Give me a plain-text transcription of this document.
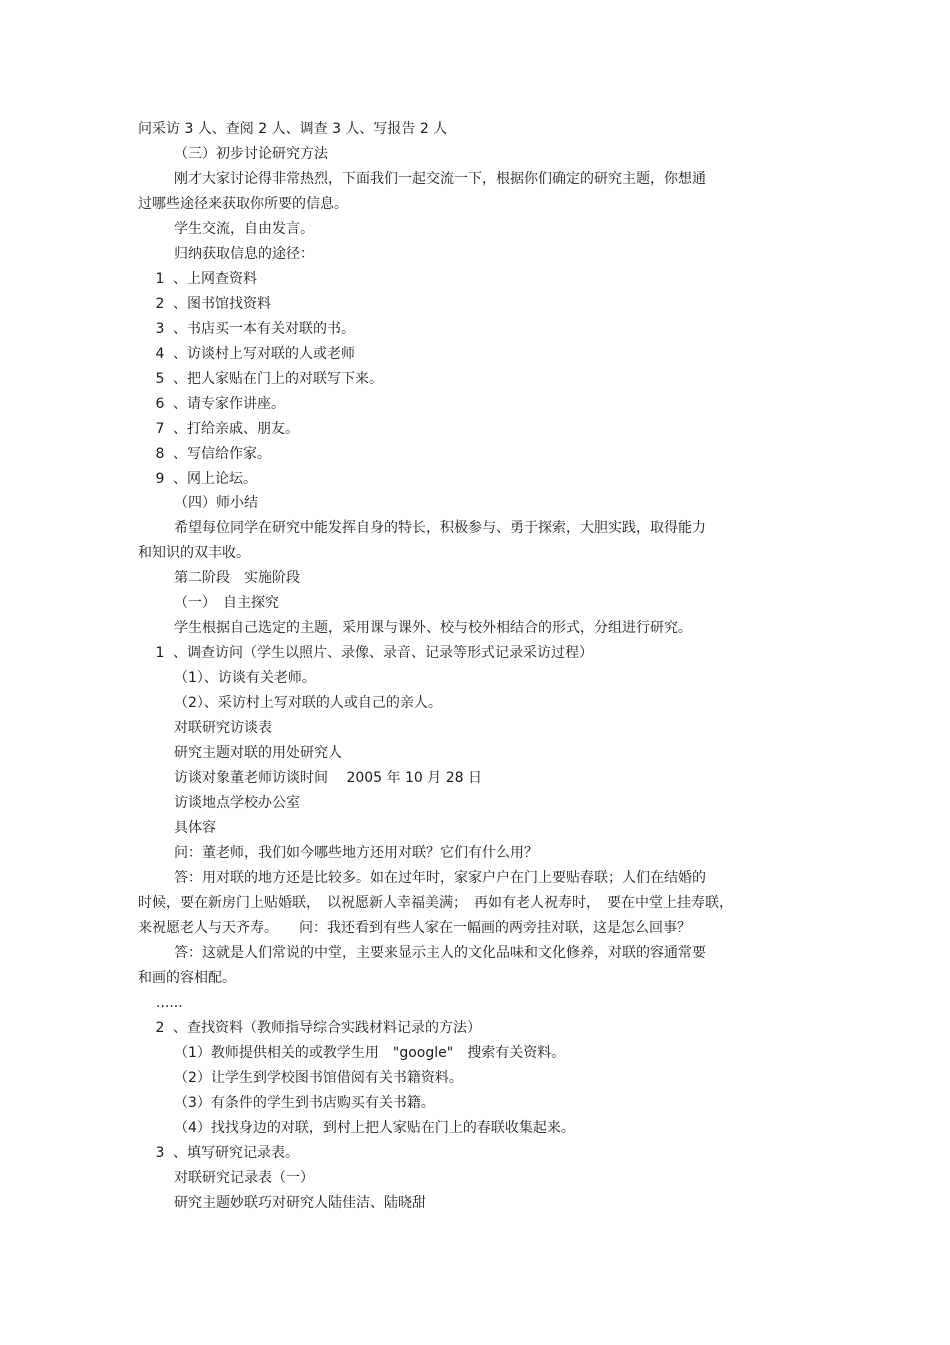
问采访 3 人、查阅 2 人、调查 3 人、写报告 2 人
（三）初步讨论研究方法
刚才大家讨论得非常热烈，下面我们一起交流一下，根据你们确定的研究主题，你想通
过哪些途径来获取你所要的信息。
学生交流，自由发言。
归纳获取信息的途径：
1 、上网查资料
2 、图书馆找资料
3 、书店买一本有关对联的书。
4 、访谈村上写对联的人或老师
5 、把人家贴在门上的对联写下来。
6 、请专家作讲座。
7 、打给亲戚、朋友。
8 、写信给作家。
9 、网上论坛。
（四）师小结
希望每位同学在研究中能发挥自身的特长，积极参与、勇于探索，大胆实践，取得能力
和知识的双丰收。
第二阶段　实施阶段
（一）　自主探究
学生根据自己选定的主题，采用课与课外、校与校外相结合的形式，分组进行研究。
1 、调查访问（学生以照片、录像、录音、记录等形式记录采访过程）
（1）、访谈有关老师。
（2）、采访村上写对联的人或自己的亲人。
对联研究访谈表
研究主题对联的用处研究人
访谈对象董老师访谈时间　 2005 年 10 月 28 日
访谈地点学校办公室
具体容
问：董老师，我们如今哪些地方还用对联？它们有什么用？
答：用对联的地方还是比较多。如在过年时，家家户户在门上要贴春联；人们在结婚的
时候，要在新房门上贴婚联，　以祝愿新人幸福美满；　再如有老人祝寿时，　要在中堂上挂寿联，
来祝愿老人与天齐寿。　　问：我还看到有些人家在一幅画的两旁挂对联，这是怎么回事？
答：这就是人们常说的中堂，主要来显示主人的文化品味和文化修养，对联的容通常要
和画的容相配。
......
2 、查找资料（教师指导综合实践材料记录的方法）
（1）教师提供相关的或教学生用　"google"　搜索有关资料。
（2）让学生到学校图书馆借阅有关书籍资料。
（3）有条件的学生到书店购买有关书籍。
（4）找找身边的对联，到村上把人家贴在门上的春联收集起来。
3 、填写研究记录表。
对联研究记录表（一）
研究主题妙联巧对研究人陆佳洁、陆晓甜
